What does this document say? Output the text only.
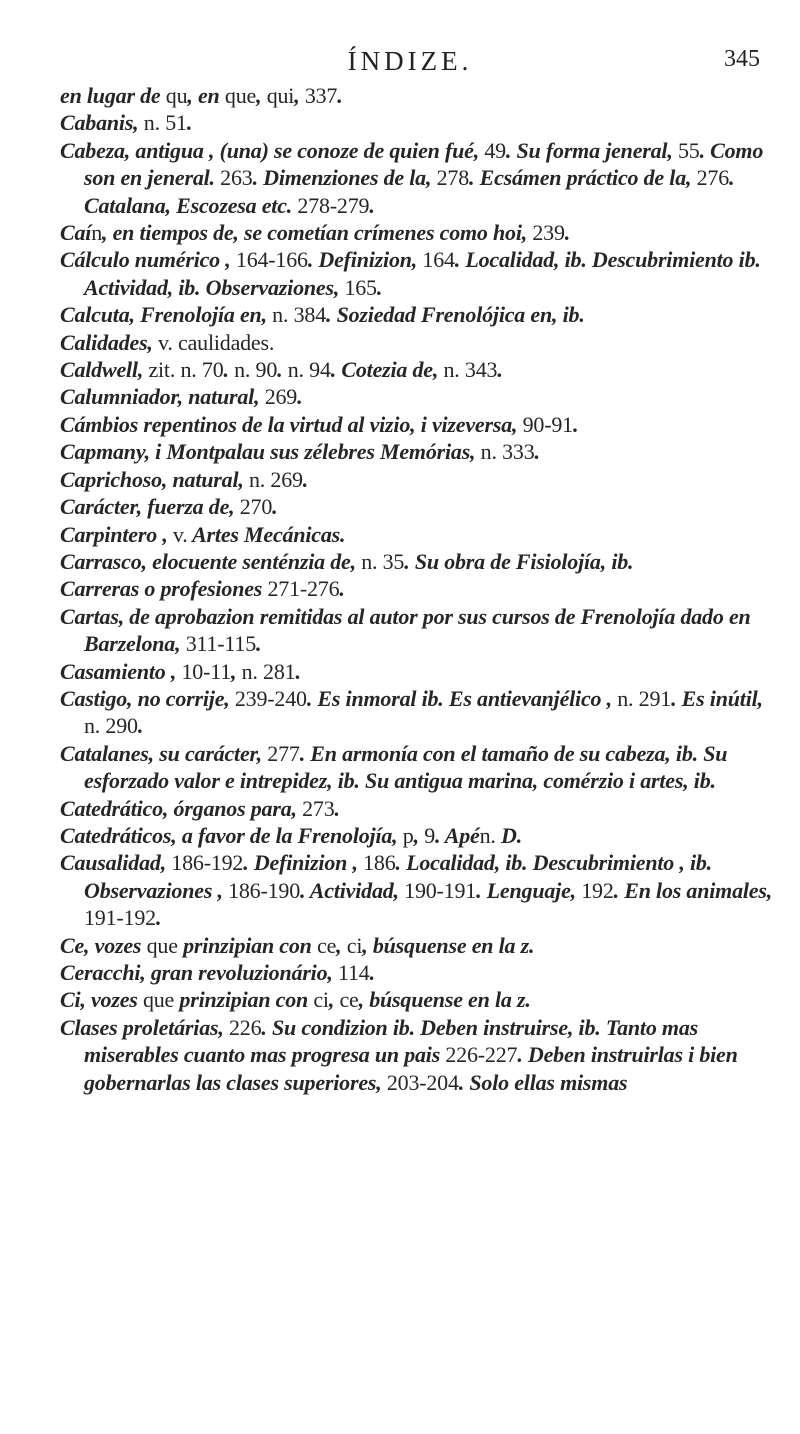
ÍNDIZE.	345

en lugar de qu, en que, qui, 337.

Cabanis, n. 51.

Cabeza, antigua , (una) se conoze de quien fué, 49. Su forma jeneral, 55. Como son en jeneral. 263. Dimenziones de la, 278. Ecsámen práctico de la, 276. Catalana, Escozesa etc. 278-279.

Caín, en tiempos de, se cometían crímenes como hoi, 239.

Cálculo numérico , 164-166. Definizion, 164. Localidad, ib. Descubrimiento ib. Actividad, ib. Observaziones, 165.

Calcuta, Frenolojía en, n. 384. Soziedad Frenolójica en, ib.

Calidades, v. caulidades.

Caldwell, zit. n. 70. n. 90. n. 94. Cotezia de, n. 343.

Calumniador, natural, 269.

Cámbios repentinos de la virtud al vizio, i vizeversa, 90-91.

Capmany, i Montpalau sus zélebres Memórias, n. 333.

Caprichoso, natural, n. 269.

Carácter, fuerza de, 270.

Carpintero , v. Artes Mecánicas.

Carrasco, elocuente senténzia de, n. 35. Su obra de Fisiolojía, ib.

Carreras o profesiones 271-276.

Cartas, de aprobazion remitidas al autor por sus cursos de Frenolojía dado en Barzelona, 311-115.

Casamiento , 10-11, n. 281.

Castigo, no corrije, 239-240. Es inmoral ib. Es antievanjélico , n. 291. Es inútil, n. 290.

Catalanes, su carácter, 277. En armonía con el tamaño de su cabeza, ib. Su esforzado valor e intrepidez, ib. Su antigua marina, comérzio i artes, ib.

Catedrático, órganos para, 273.

Catedráticos, a favor de la Frenolojía, p, 9. Apén. D.

Causalidad, 186-192. Definizion , 186. Localidad, ib. Descubrimiento , ib. Observaziones , 186-190. Actividad, 190-191. Lenguaje, 192. En los animales, 191-192.

Ce, vozes que prinzipian con ce, ci, búsquense en la z.

Ceracchi, gran revoluzionário, 114.

Ci, vozes que prinzipian con ci, ce, búsquense en la z.

Clases proletárias, 226. Su condizion ib. Deben instruirse, ib. Tanto mas miserables cuanto mas progresa un pais 226-227. Deben instruirlas i bien gobernarlas las clases superiores, 203-204. Solo ellas mismas
